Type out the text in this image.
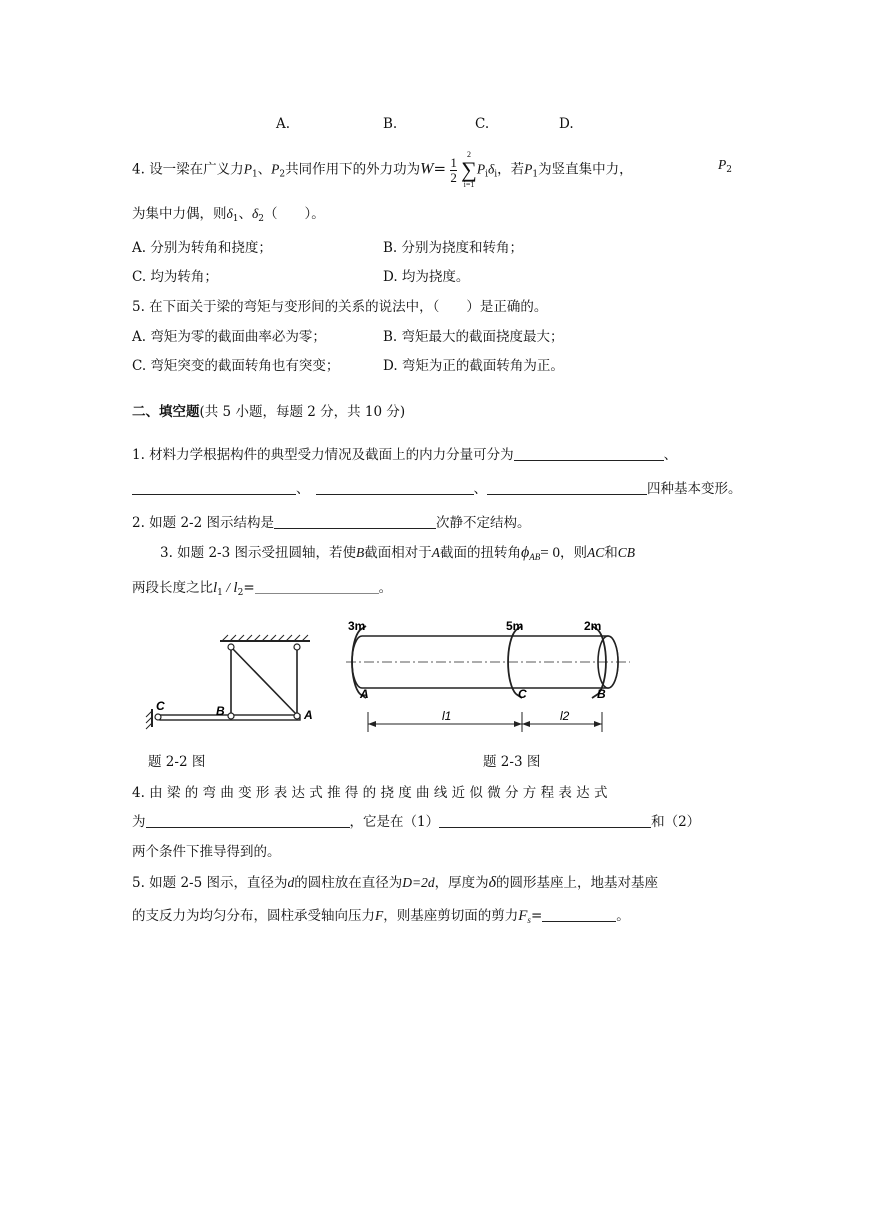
A.	B.	C.	D.
4. 设一梁在广义力$P_1$、$P_2$共同作用下的外力功为$W= \frac{1}{2}$

2
∑
i=1
$P_i\delta_i$，若$P_1$为竖直集中力，	$P_2$
为集中力偶，则$\delta_1$、$\delta_2$（　　）。
A. 分别为转角和挠度；	B. 分别为挠度和转角；
C. 均为转角；	D. 均为挠度。
5. 在下面关于梁的弯矩与变形间的关系的说法中，（　　）是正确的。
A. 弯矩为零的截面曲率必为零；	B. 弯矩最大的截面挠度最大；
C. 弯矩突变的截面转角也有突变；	D. 弯矩为正的截面转角为正。
二、填空题(共 5 小题，每题 2 分，共 10 分)
1. 材料力学根据构件的典型受力情况及截面上的内力分量可分为	、
、	、	四种基本变形。
2. 如题 2-2 图示结构是	次静不定结构。
3. 如题 2-3 图示受扭圆轴，若使B截面相对于A截面的扭转角$\phi_{AB}= 0$，则AC和CB
两段长度之比$l_1 / l_2=$	。
C	B	A
题 2-2 图
3m	5m	2m
A	C	B
l1	l2
题 2-3 图
4. 由 梁 的 弯 曲 变 形 表 达 式 推 得 的 挠 度 曲 线 近 似 微 分 方 程 表 达 式
为	，它是在（1）	和（2）
两个条件下推导得到的。
5. 如题 2-5 图示，直径为d的圆柱放在直径为D=2d，厚度为δ的圆形基座上，地基对基座
的支反力为均匀分布，圆柱承受轴向压力F，则基座剪切面的剪力$F_s=$	。
